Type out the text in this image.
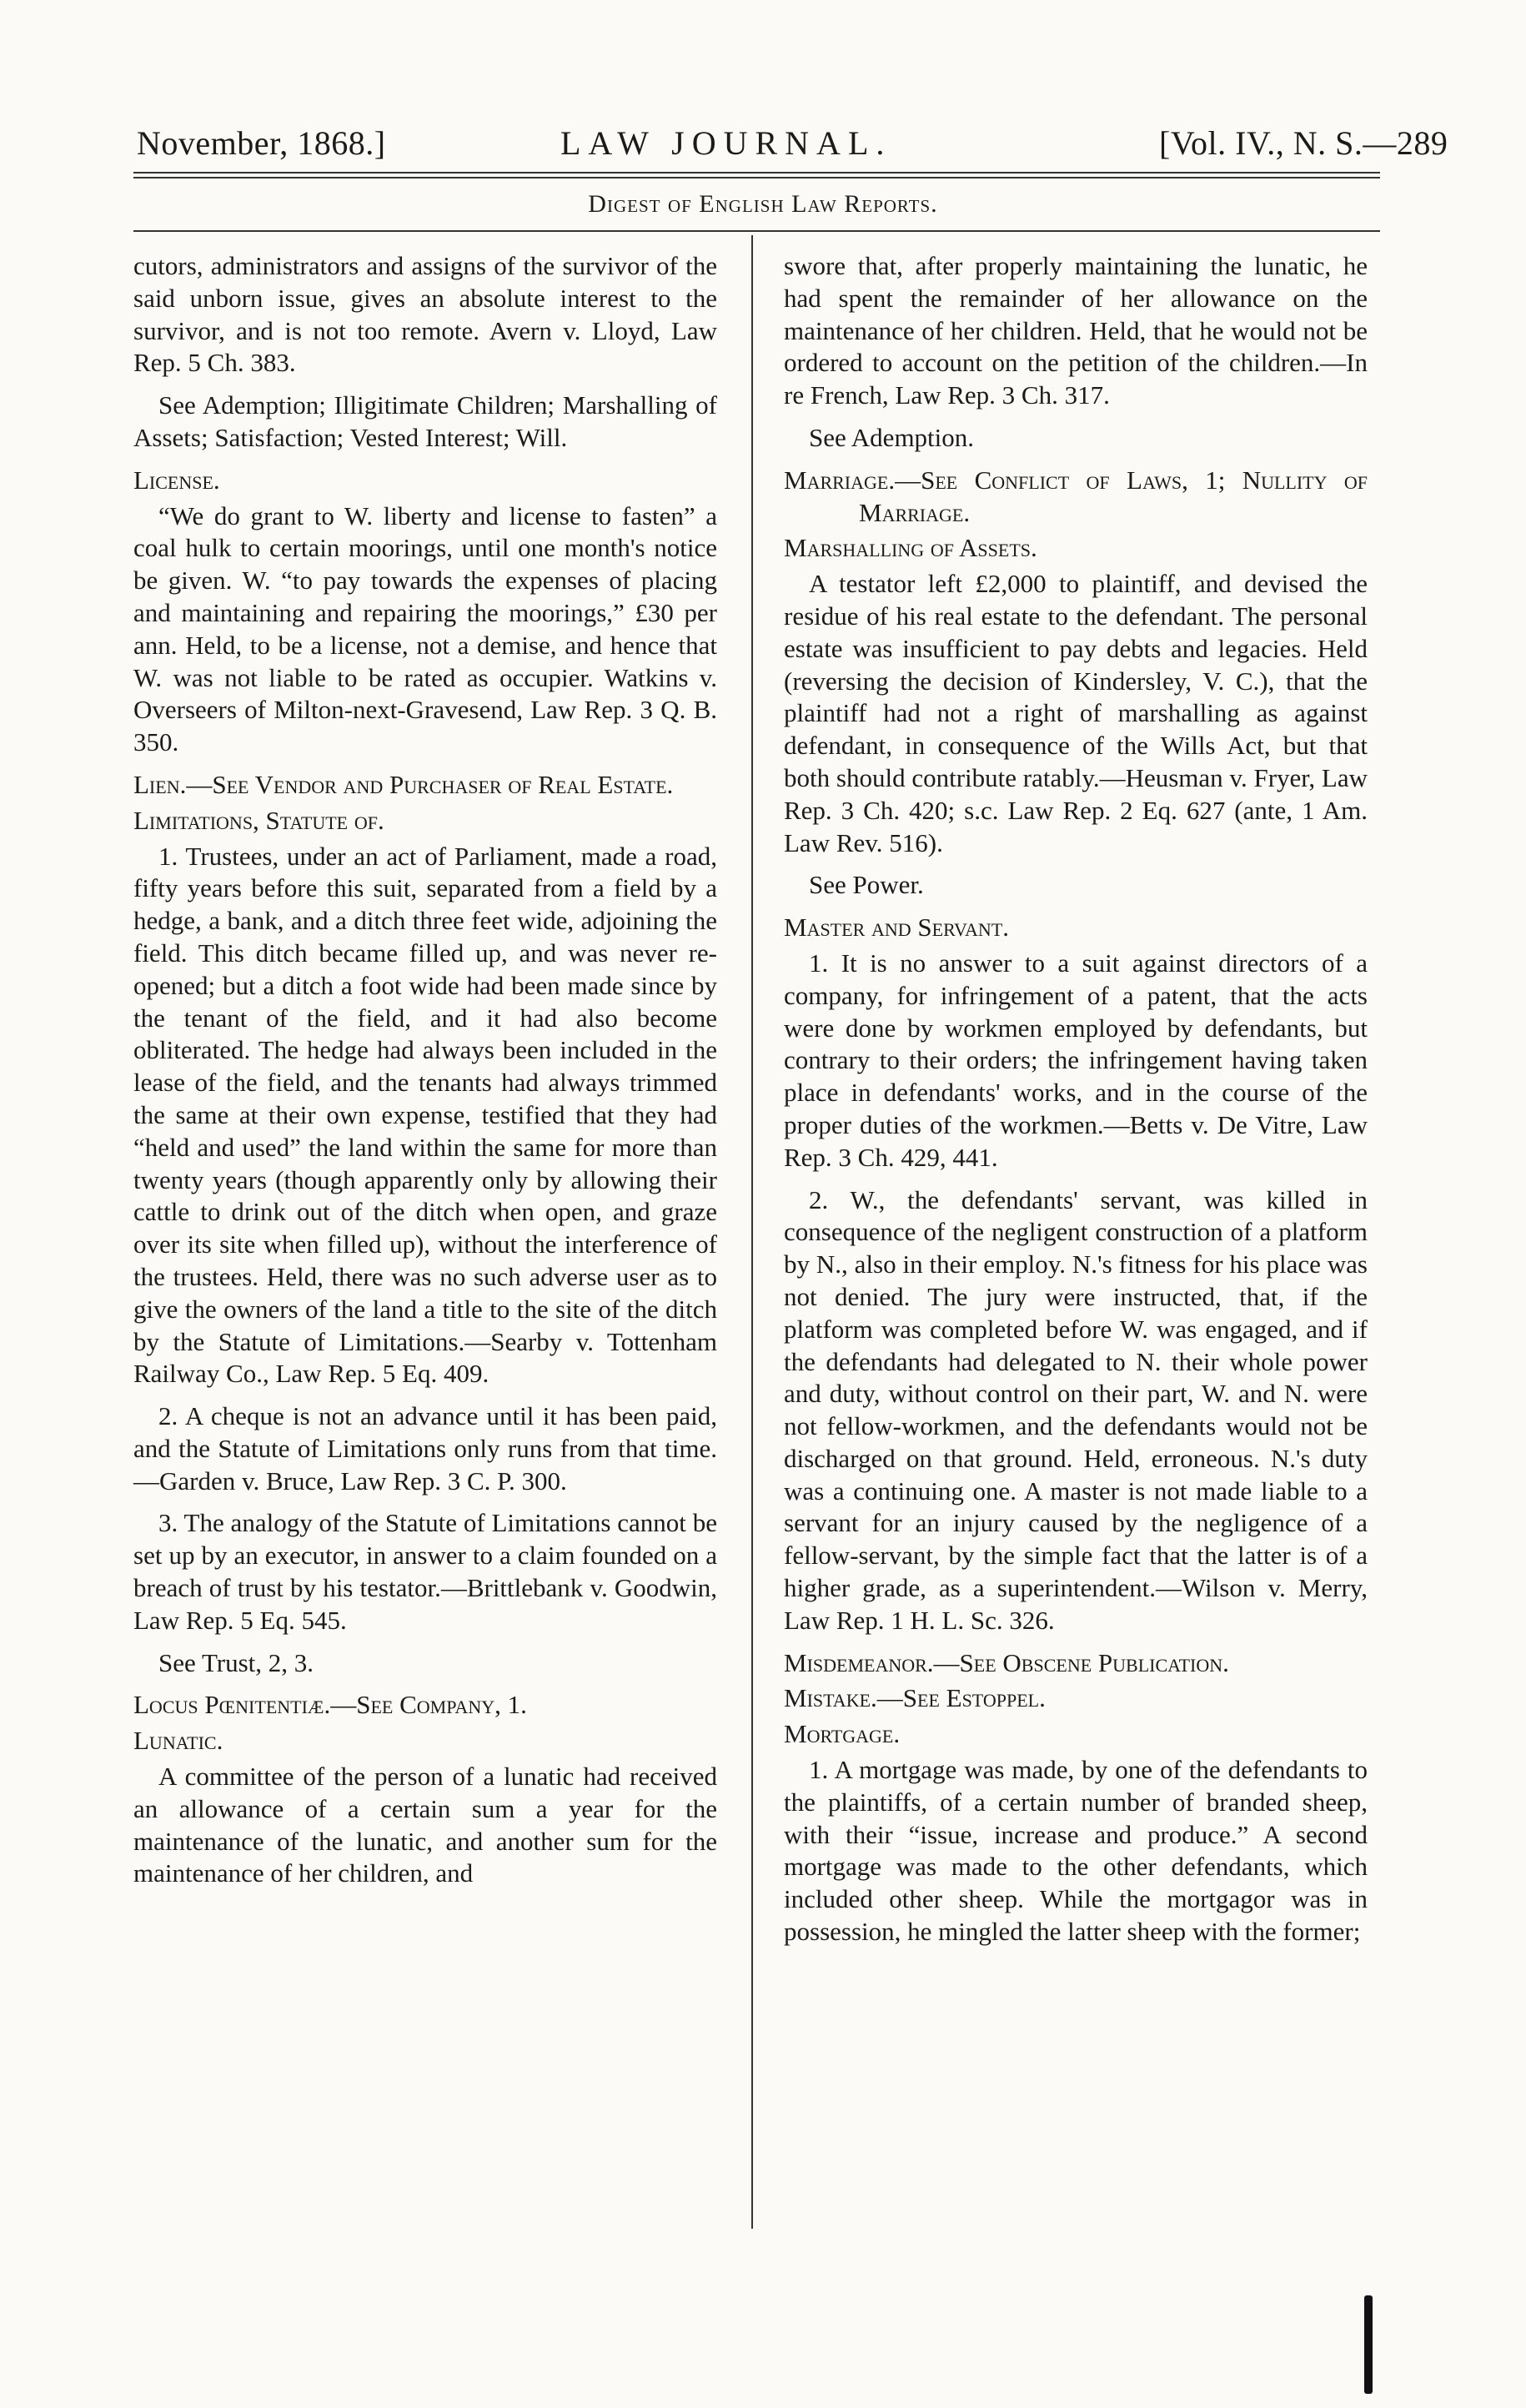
November, 1868.]	LAW JOURNAL.	[Vol. IV., N. S.—289
Digest of English Law Reports.

cutors, administrators and assigns of the survivor of the said unborn issue, gives an absolute interest to the survivor, and is not too remote. Avern v. Lloyd, Law Rep. 5 Ch. 383.

See Ademption; Illigitimate Children; Marshalling of Assets; Satisfaction; Vested Interest; Will.

License.

“We do grant to W. liberty and license to fasten” a coal hulk to certain moorings, until one month's notice be given. W. “to pay towards the expenses of placing and maintaining and repairing the moorings,” £30 per ann. Held, to be a license, not a demise, and hence that W. was not liable to be rated as occupier. Watkins v. Overseers of Milton-next-Gravesend, Law Rep. 3 Q. B. 350.

Lien.—See Vendor and Purchaser of Real Estate.

Limitations, Statute of.

1. Trustees, under an act of Parliament, made a road, fifty years before this suit, separated from a field by a hedge, a bank, and a ditch three feet wide, adjoining the field. This ditch became filled up, and was never re-opened; but a ditch a foot wide had been made since by the tenant of the field, and it had also become obliterated. The hedge had always been included in the lease of the field, and the tenants had always trimmed the same at their own expense, testified that they had “held and used” the land within the same for more than twenty years (though apparently only by allowing their cattle to drink out of the ditch when open, and graze over its site when filled up), without the interference of the trustees. Held, there was no such adverse user as to give the owners of the land a title to the site of the ditch by the Statute of Limitations.—Searby v. Tottenham Railway Co., Law Rep. 5 Eq. 409.

2. A cheque is not an advance until it has been paid, and the Statute of Limitations only runs from that time.—Garden v. Bruce, Law Rep. 3 C. P. 300.

3. The analogy of the Statute of Limitations cannot be set up by an executor, in answer to a claim founded on a breach of trust by his testator.—Brittlebank v. Goodwin, Law Rep. 5 Eq. 545.

See Trust, 2, 3.

Locus Pœnitentiæ.—See Company, 1.

Lunatic.

A committee of the person of a lunatic had received an allowance of a certain sum a year for the maintenance of the lunatic, and another sum for the maintenance of her children, and

swore that, after properly maintaining the lunatic, he had spent the remainder of her allowance on the maintenance of her children. Held, that he would not be ordered to account on the petition of the children.—In re French, Law Rep. 3 Ch. 317.

See Ademption.

Marriage.—See Conflict of Laws, 1; Nullity of Marriage.

Marshalling of Assets.

A testator left £2,000 to plaintiff, and devised the residue of his real estate to the defendant. The personal estate was insufficient to pay debts and legacies. Held (reversing the decision of Kindersley, V. C.), that the plaintiff had not a right of marshalling as against defendant, in consequence of the Wills Act, but that both should contribute ratably.—Heusman v. Fryer, Law Rep. 3 Ch. 420; s.c. Law Rep. 2 Eq. 627 (ante, 1 Am. Law Rev. 516).

See Power.

Master and Servant.

1. It is no answer to a suit against directors of a company, for infringement of a patent, that the acts were done by workmen employed by defendants, but contrary to their orders; the infringement having taken place in defendants' works, and in the course of the proper duties of the workmen.—Betts v. De Vitre, Law Rep. 3 Ch. 429, 441.

2. W., the defendants' servant, was killed in consequence of the negligent construction of a platform by N., also in their employ. N.'s fitness for his place was not denied. The jury were instructed, that, if the platform was completed before W. was engaged, and if the defendants had delegated to N. their whole power and duty, without control on their part, W. and N. were not fellow-workmen, and the defendants would not be discharged on that ground. Held, erroneous. N.'s duty was a continuing one. A master is not made liable to a servant for an injury caused by the negligence of a fellow-servant, by the simple fact that the latter is of a higher grade, as a superintendent.—Wilson v. Merry, Law Rep. 1 H. L. Sc. 326.

Misdemeanor.—See Obscene Publication.

Mistake.—See Estoppel.

Mortgage.

1. A mortgage was made, by one of the defendants to the plaintiffs, of a certain number of branded sheep, with their “issue, increase and produce.” A second mortgage was made to the other defendants, which included other sheep. While the mortgagor was in possession, he mingled the latter sheep with the former;
